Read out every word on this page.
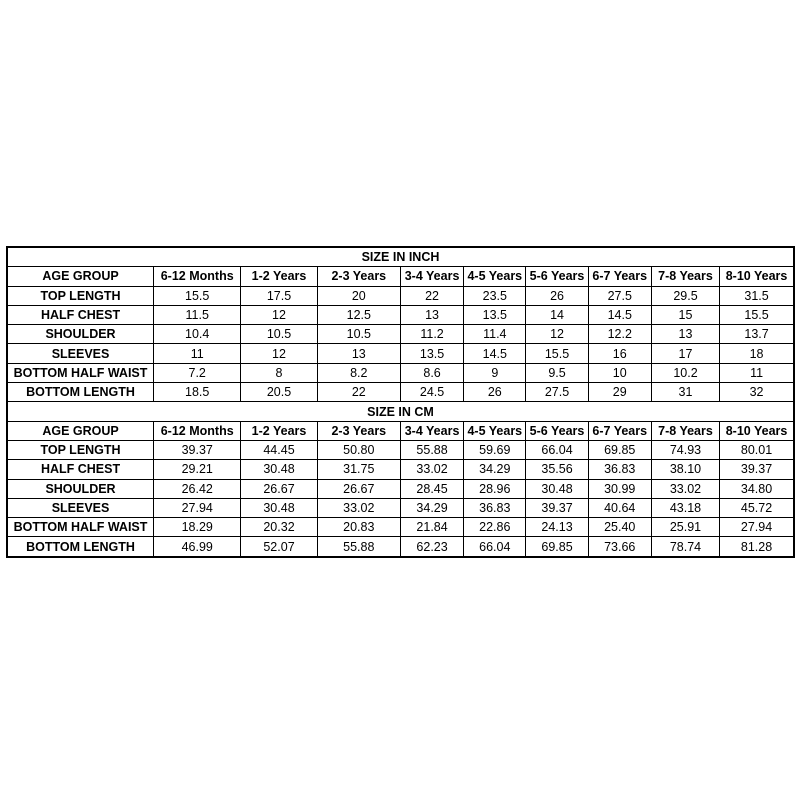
SIZE IN INCH									
AGE GROUP	6-12 Months	1-2 Years	2-3 Years	3-4 Years	4-5 Years	5-6 Years	6-7 Years	7-8 Years	8-10 Years
TOP LENGTH	15.5	17.5	20	22	23.5	26	27.5	29.5	31.5
HALF CHEST	11.5	12	12.5	13	13.5	14	14.5	15	15.5
SHOULDER	10.4	10.5	10.5	11.2	11.4	12	12.2	13	13.7
SLEEVES	11	12	13	13.5	14.5	15.5	16	17	18
BOTTOM HALF WAIST	7.2	8	8.2	8.6	9	9.5	10	10.2	11
BOTTOM LENGTH	18.5	20.5	22	24.5	26	27.5	29	31	32
SIZE IN CM									
AGE GROUP	6-12 Months	1-2 Years	2-3 Years	3-4 Years	4-5 Years	5-6 Years	6-7 Years	7-8 Years	8-10 Years
TOP LENGTH	39.37	44.45	50.80	55.88	59.69	66.04	69.85	74.93	80.01
HALF CHEST	29.21	30.48	31.75	33.02	34.29	35.56	36.83	38.10	39.37
SHOULDER	26.42	26.67	26.67	28.45	28.96	30.48	30.99	33.02	34.80
SLEEVES	27.94	30.48	33.02	34.29	36.83	39.37	40.64	43.18	45.72
BOTTOM HALF WAIST	18.29	20.32	20.83	21.84	22.86	24.13	25.40	25.91	27.94
BOTTOM LENGTH	46.99	52.07	55.88	62.23	66.04	69.85	73.66	78.74	81.28
